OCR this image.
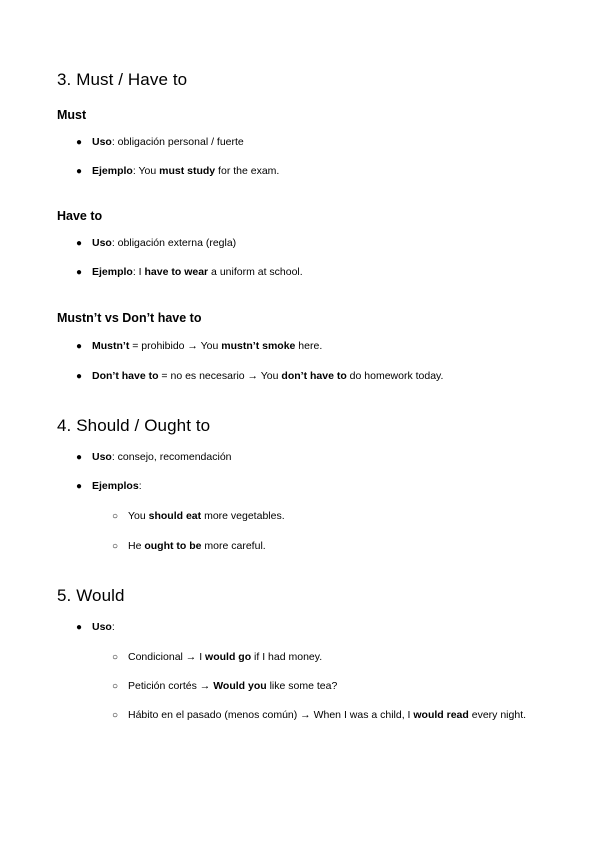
3. Must / Have to
Must
● Uso: obligación personal / fuerte
● Ejemplo: You must study for the exam.
Have to
● Uso: obligación externa (regla)
● Ejemplo: I have to wear a uniform at school.
Mustn’t vs Don’t have to
● Mustn’t = prohibido → You mustn’t smoke here.
● Don’t have to = no es necesario → You don’t have to do homework today.
4. Should / Ought to
● Uso: consejo, recomendación
● Ejemplos:
○ You should eat more vegetables.
○ He ought to be more careful.
5. Would
● Uso:
○ Condicional → I would go if I had money.
○ Petición cortés → Would you like some tea?
○ Hábito en el pasado (menos común) → When I was a child, I would read every night.
